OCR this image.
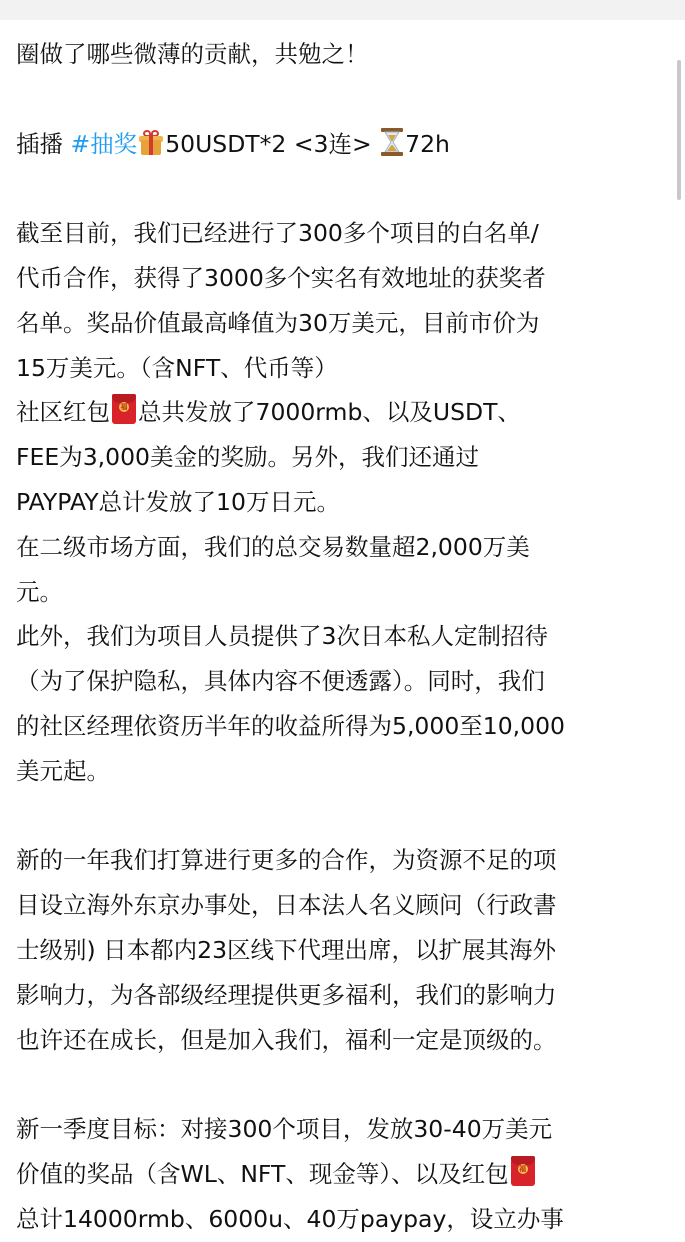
圈做了哪些微薄的贡献，共勉之！
插播 #抽奖 50USDT*2 <3连>
72h
截至目前，我们已经进行了300多个项目的白名单/
代币合作，获得了3000多个实名有效地址的获奖者
名单。奖品价值最高峰值为30万美元，目前市价为
15万美元。（含NFT、代币等）
社区红包 福 总共发放了7000rmb、以及USDT、
FEE为3,000美金的奖励。另外，我们还通过
PAYPAY总计发放了10万日元。
在二级市场方面，我们的总交易数量超2,000万美
元。
此外，我们为项目人员提供了3次日本私人定制招待
（为了保护隐私，具体内容不便透露）。同时，我们
的社区经理依资历半年的收益所得为5,000至10,000
美元起。
新的一年我们打算进行更多的合作，为资源不足的项
目设立海外东京办事处，日本法人名义顾问（行政書
士级别) 日本都内23区线下代理出席，以扩展其海外
影响力，为各部级经理提供更多福利，我们的影响力
也许还在成长，但是加入我们，福利一定是顶级的。
新一季度目标：对接300个项目，发放30-40万美元
价值的奖品（含WL、NFT、现金等）、以及红包 福
总计14000rmb、6000u、40万paypay，设立办事
